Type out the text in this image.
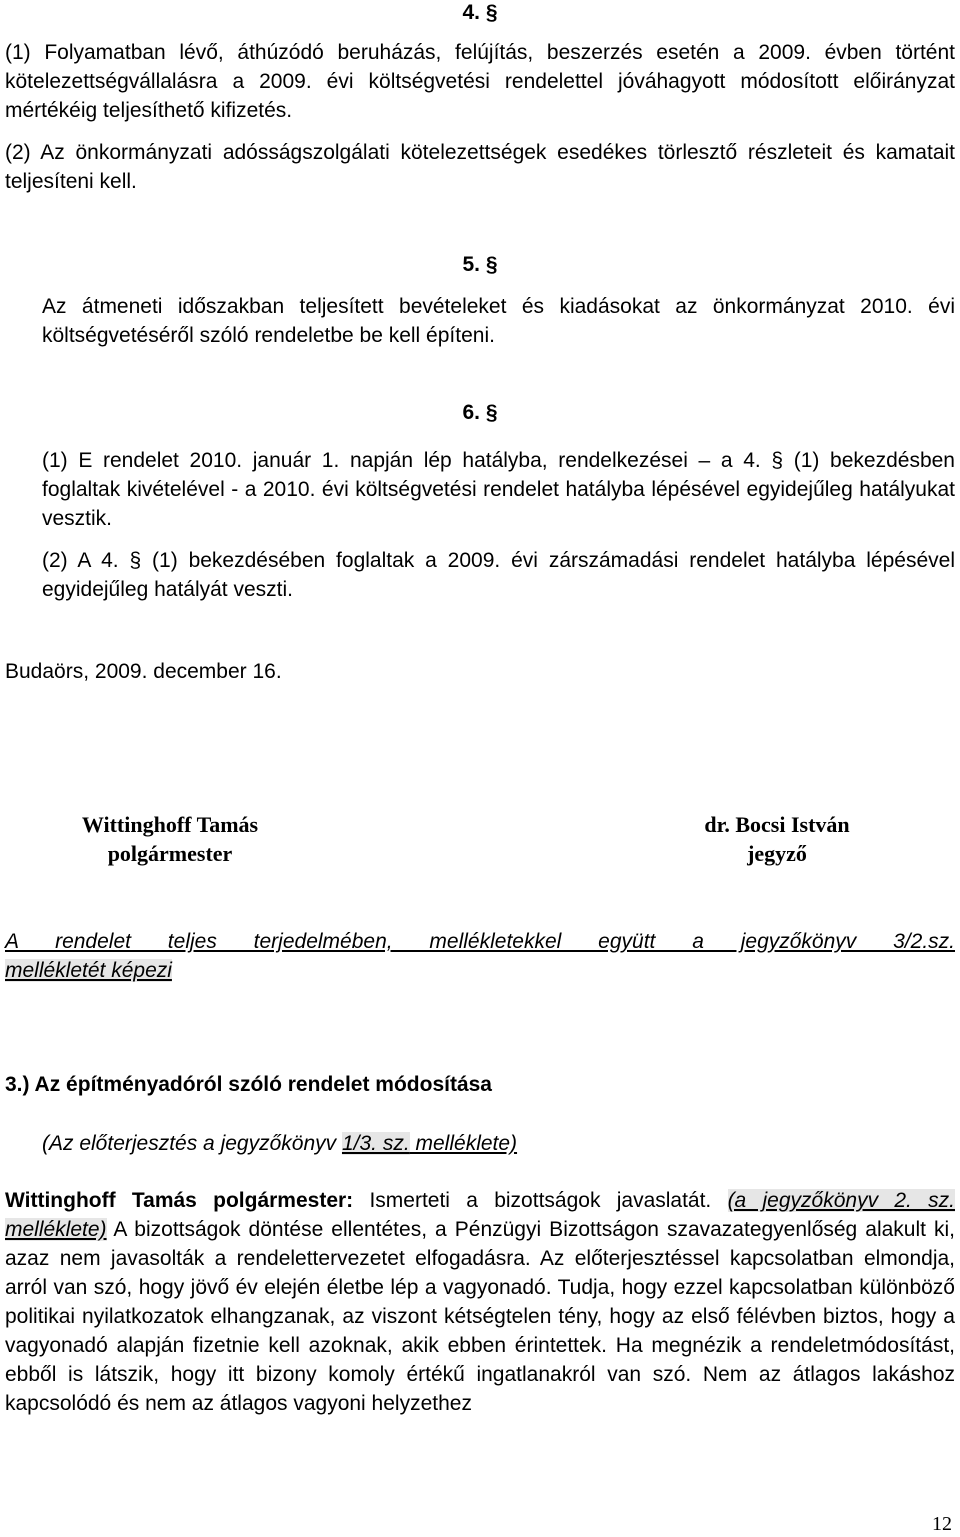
4. §
(1) Folyamatban lévő, áthúzódó beruházás, felújítás, beszerzés esetén a 2009. évben történt kötelezettségvállalásra a 2009. évi költségvetési rendelettel jóváhagyott módosított előirányzat mértékéig teljesíthető kifizetés.
(2) Az önkormányzati adósságszolgálati kötelezettségek esedékes törlesztő részleteit és kamatait teljesíteni kell.
5. §
Az átmeneti időszakban teljesített bevételeket és kiadásokat az önkormányzat 2010. évi költségvetéséről szóló rendeletbe be kell építeni.
6. §
(1) E rendelet 2010. január 1. napján lép hatályba, rendelkezései – a 4. § (1) bekezdésben foglaltak kivételével - a 2010. évi költségvetési rendelet hatályba lépésével egyidejűleg hatályukat vesztik.
(2) A 4. § (1) bekezdésében foglaltak a 2009. évi zárszámadási rendelet hatályba lépésével egyidejűleg hatályát veszti.
Budaörs, 2009. december 16.
Wittinghoff Tamás
polgármester
dr. Bocsi István
jegyző
A rendelet teljes terjedelmében, mellékletekkel együtt a jegyzőkönyv 3/2.sz.
mellékletét képezi
3.) Az építményadóról szóló rendelet módosítása
(Az előterjesztés a jegyzőkönyv 1/3. sz. melléklete)
Wittinghoff Tamás polgármester: Ismerteti a bizottságok javaslatát. (a jegyzőkönyv 2. sz. melléklete) A bizottságok döntése ellentétes, a Pénzügyi Bizottságon szavazategyenlőség alakult ki, azaz nem javasolták a rendelettervezetet elfogadásra. Az előterjesztéssel kapcsolatban elmondja, arról van szó, hogy jövő év elején életbe lép a vagyonadó. Tudja, hogy ezzel kapcsolatban különböző politikai nyilatkozatok elhangzanak, az viszont kétségtelen tény, hogy az első félévben biztos, hogy a vagyonadó alapján fizetnie kell azoknak, akik ebben érintettek. Ha megnézik a rendeletmódosítást, ebből is látszik, hogy itt bizony komoly értékű ingatlanakról van szó. Nem az átlagos lakáshoz kapcsolódó és nem az átlagos vagyoni helyzethez
12
